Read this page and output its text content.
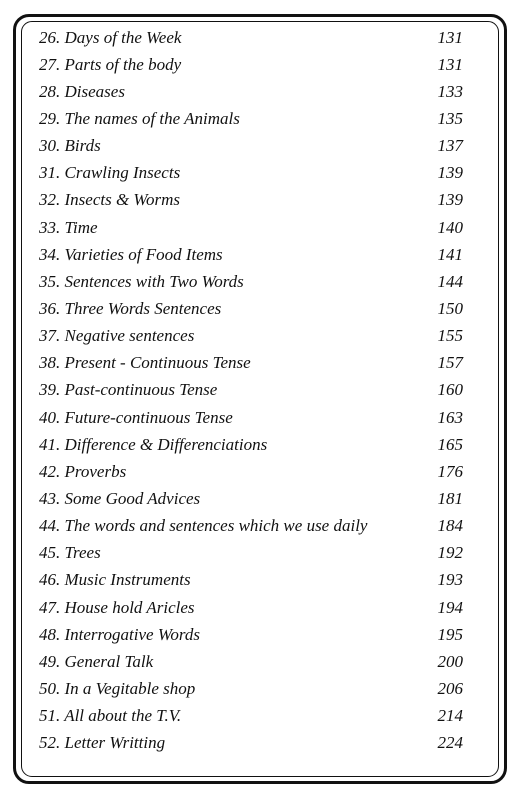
26. Days of the Week	131
27. Parts of the body	131
28. Diseases	133
29. The names of the Animals	135
30. Birds	137
31. Crawling Insects	139
32. Insects & Worms	139
33. Time	140
34. Varieties of Food Items	141
35. Sentences with Two Words	144
36. Three Words Sentences	150
37. Negative sentences	155
38. Present - Continuous Tense	157
39. Past-continuous Tense	160
40. Future-continuous Tense	163
41. Difference & Differenciations	165
42. Proverbs	176
43. Some Good Advices	181
44. The words and sentences which we use daily	184
45. Trees	192
46. Music Instruments	193
47. House hold Aricles	194
48. Interrogative Words	195
49. General Talk	200
50. In a Vegitable shop	206
51. All about the T.V.	214
52. Letter Writting	224
